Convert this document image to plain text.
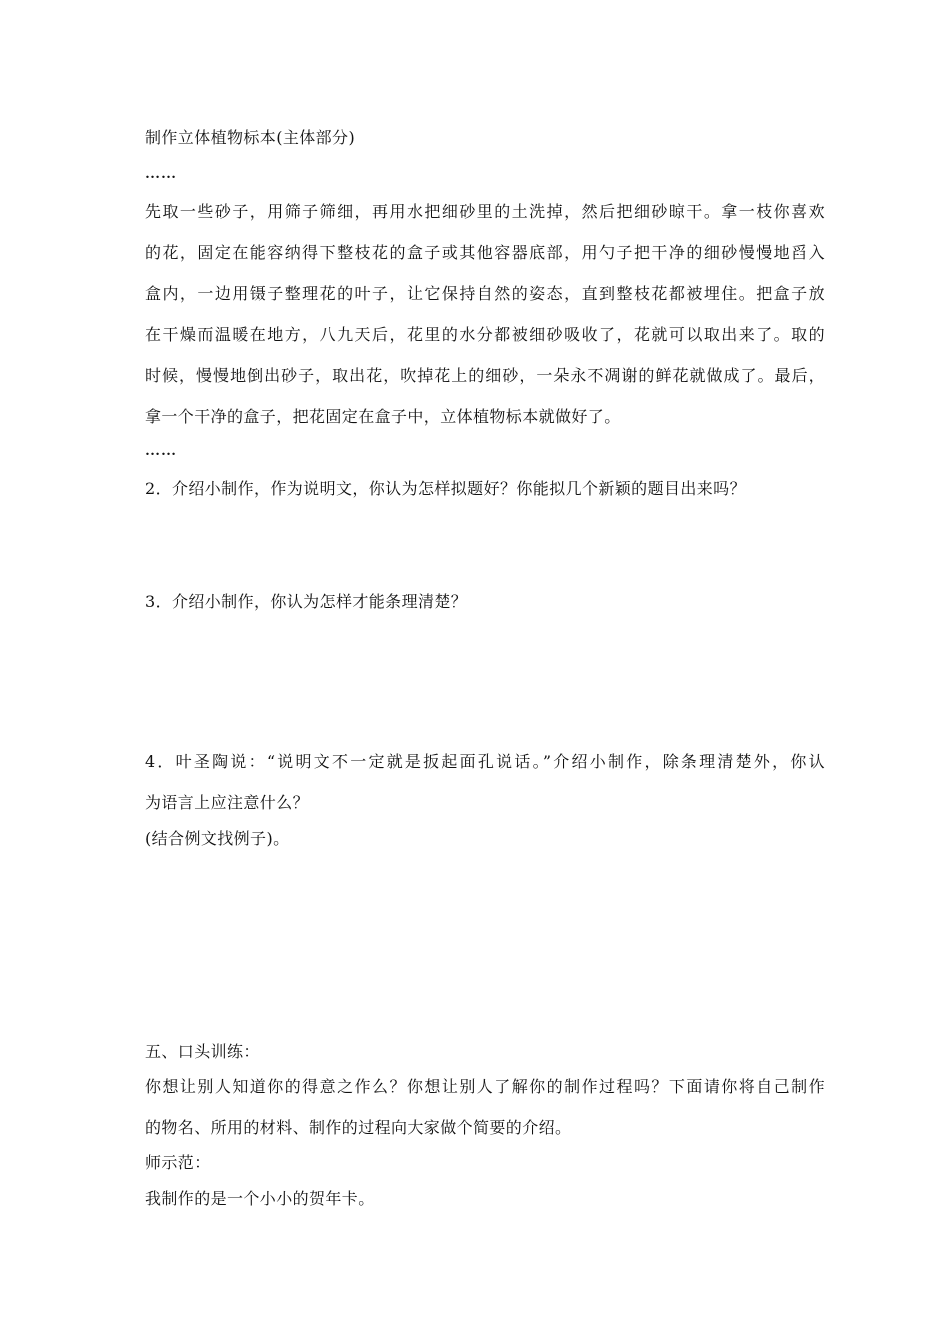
制作立体植物标本(主体部分)
……
先取一些砂子，用筛子筛细，再用水把细砂里的土洗掉，然后把细砂晾干。拿一枝你喜欢
的花，固定在能容纳得下整枝花的盒子或其他容器底部，用勺子把干净的细砂慢慢地舀入
盒内，一边用镊子整理花的叶子，让它保持自然的姿态，直到整枝花都被埋住。把盒子放
在干燥而温暖在地方，八九天后，花里的水分都被细砂吸收了，花就可以取出来了。取的
时候，慢慢地倒出砂子，取出花，吹掉花上的细砂，一朵永不凋谢的鲜花就做成了。最后，
拿一个干净的盒子，把花固定在盒子中，立体植物标本就做好了。
……
2．介绍小制作，作为说明文，你认为怎样拟题好？你能拟几个新颖的题目出来吗？
3．介绍小制作，你认为怎样才能条理清楚？
4．叶圣陶说：“说明文不一定就是扳起面孔说话。”介绍小制作，除条理清楚外，你认
为语言上应注意什么？
(结合例文找例子)。
五、口头训练：
你想让别人知道你的得意之作么？你想让别人了解你的制作过程吗？下面请你将自己制作
的物名、所用的材料、制作的过程向大家做个简要的介绍。
师示范：
我制作的是一个小小的贺年卡。
